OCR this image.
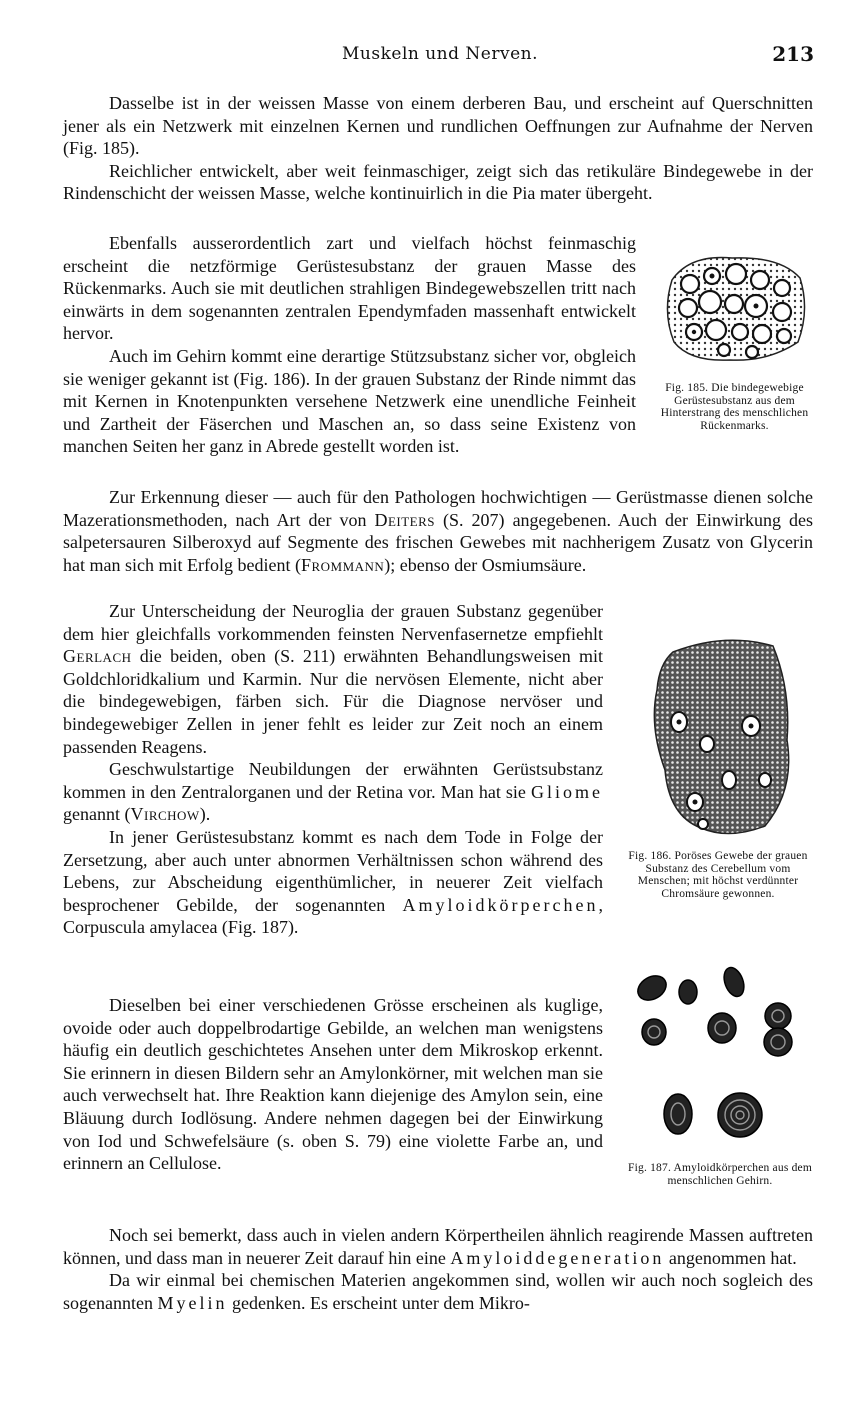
Muskeln und Nerven.	213

Dasselbe ist in der weissen Masse von einem derberen Bau, und erscheint auf Querschnitten jener als ein Netzwerk mit einzelnen Kernen und rundlichen Oeffnungen zur Aufnahme der Nerven (Fig. 185).

Reichlicher entwickelt, aber weit feinmaschiger, zeigt sich das retikuläre Bindegewebe in der Rindenschicht der weissen Masse, welche kontinuirlich in die Pia mater übergeht.

Ebenfalls ausserordentlich zart und vielfach höchst feinmaschig erscheint die netzförmige Gerüstesubstanz der grauen Masse des Rückenmarks. Auch sie mit deutlichen strahligen Bindegewebszellen tritt nach einwärts in dem sogenannten zentralen Ependymfaden massenhaft entwickelt hervor.

Auch im Gehirn kommt eine derartige Stützsubstanz sicher vor, obgleich sie weniger gekannt ist (Fig. 186). In der grauen Substanz der Rinde nimmt das mit Kernen in Knotenpunkten versehene Netzwerk eine unendliche Feinheit und Zartheit der Fäserchen und Maschen an, so dass seine Existenz von manchen Seiten her ganz in Abrede gestellt worden ist.

Fig. 185. Die bindegewebige Gerüstesubstanz aus dem Hinterstrang des menschlichen Rückenmarks.

Zur Erkennung dieser — auch für den Pathologen hochwichtigen — Gerüstmasse dienen solche Mazerationsmethoden, nach Art der von Deiters (S. 207) angegebenen. Auch der Einwirkung des salpetersauren Silberoxyd auf Segmente des frischen Gewebes mit nachherigem Zusatz von Glycerin hat man sich mit Erfolg bedient (Frommann); ebenso der Osmiumsäure.

Zur Unterscheidung der Neuroglia der grauen Substanz gegenüber dem hier gleichfalls vorkommenden feinsten Nervenfasernetze empfiehlt Gerlach die beiden, oben (S. 211) erwähnten Behandlungsweisen mit Goldchloridkalium und Karmin. Nur die nervösen Elemente, nicht aber die bindegewebigen, färben sich. Für die Diagnose nervöser und bindegewebiger Zellen in jener fehlt es leider zur Zeit noch an einem passenden Reagens.

Geschwulstartige Neubildungen der erwähnten Gerüstsubstanz kommen in den Zentralorganen und der Retina vor. Man hat sie Gliome genannt (Virchow).

In jener Gerüstesubstanz kommt es nach dem Tode in Folge der Zersetzung, aber auch unter abnormen Verhältnissen schon während des Lebens, zur Abscheidung eigenthümlicher, in neuerer Zeit vielfach besprochener Gebilde, der sogenannten Amyloidkörperchen, Corpuscula amylacea (Fig. 187).

Fig. 186. Poröses Gewebe der grauen Substanz des Cerebellum vom Menschen; mit höchst verdünnter Chromsäure gewonnen.

Dieselben bei einer verschiedenen Grösse erscheinen als kuglige, ovoide oder auch doppelbrodartige Gebilde, an welchen man wenigstens häufig ein deutlich geschichtetes Ansehen unter dem Mikroskop erkennt. Sie erinnern in diesen Bildern sehr an Amylonkörner, mit welchen man sie auch verwechselt hat. Ihre Reaktion kann diejenige des Amylon sein, eine Bläuung durch Iodlösung. Andere nehmen dagegen bei der Einwirkung von Iod und Schwefelsäure (s. oben S. 79) eine violette Farbe an, und erinnern an Cellulose.	Fig. 187. Amyloidkörperchen aus dem menschlichen Gehirn.

Noch sei bemerkt, dass auch in vielen andern Körpertheilen ähnlich reagirende Massen auftreten können, und dass man in neuerer Zeit darauf hin eine Amyloiddegeneration angenommen hat.

Da wir einmal bei chemischen Materien angekommen sind, wollen wir auch noch sogleich des sogenannten Myelin gedenken. Es erscheint unter dem Mikro-
